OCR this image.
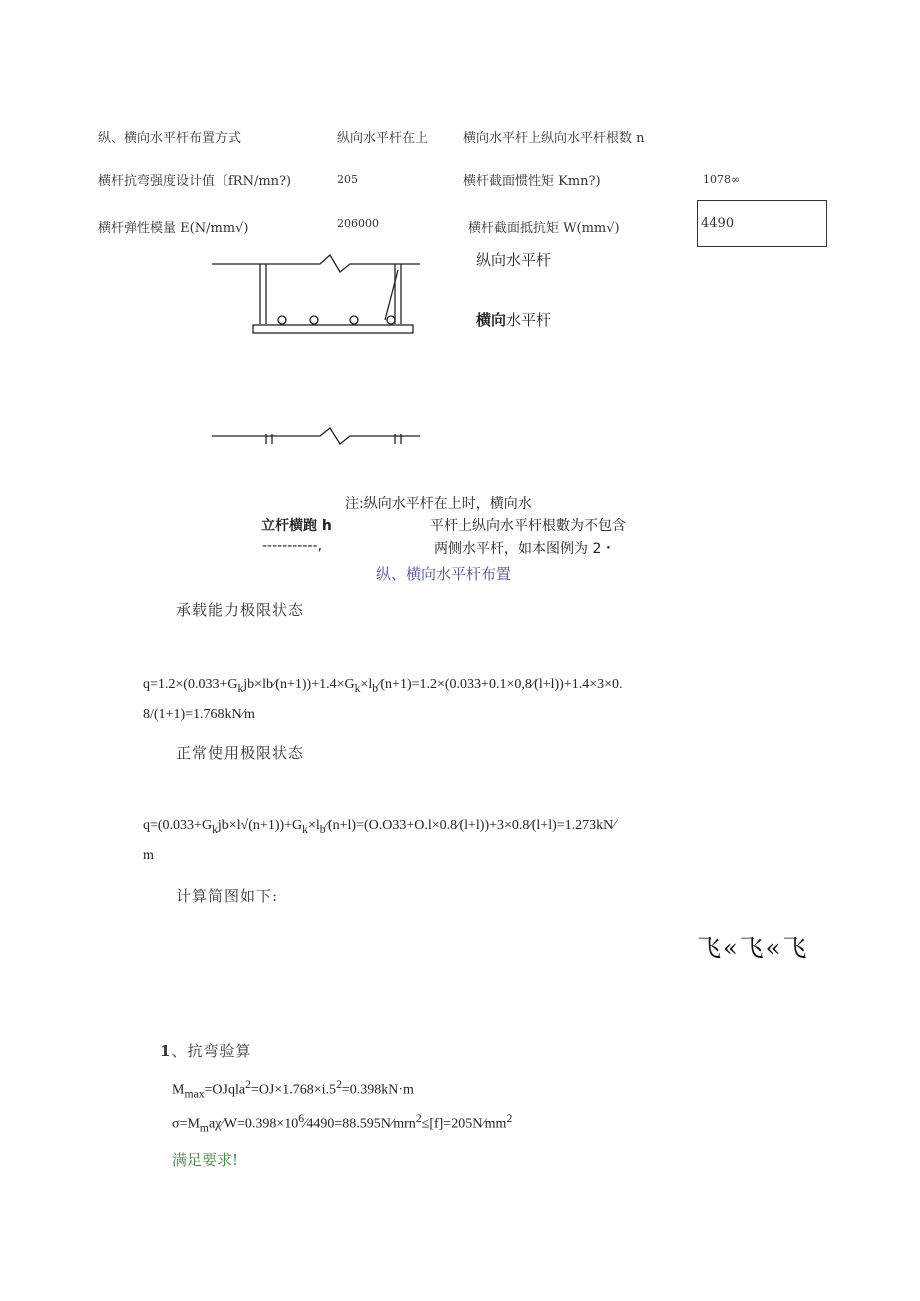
纵、横向水平杆布置方式	纵向水平杆在上	横向水平杆上纵向水平杆根数 n
横杆抗弯强度设计值〔fRN/mn?)	205	横杆截面惯性矩 Kmn?)	1078∞
横杆弹性模量 E(N∕mm√)	206000	横杆截面抵抗矩 W(mm√)	4490
纵向水平杆
横向水平杆
注:纵向水平杆在上时，横向水
立杆横跑 h	平杆上纵向水平杆根數为不包含
-----------,	两侧水平杆，如本图例为 2・
纵、横向水平杆布置
承载能力极限状态
$q=1.2\times(0.033+G_kjb\times lb∕(n+1))+1.4\times G_k\times l_b∕(n+1)=1.2\times(0.033+0.1\times 0,8∕(l+l))+1.4\times 3\times 0$.
8/(1+1)=1.768kN∕m
正常使用极限状态
$q=(0.033+G_kjb\times l√(n+1))+G_k\times l_b∕(n+l)=(O.O33+O.l\times 0.8∕(l+l))+3\times 0.8∕(l+l)=1.273kN∕$
m
计算简图如下:
飞«飞«飞
1、抗弯验算
$M_{max}=OJqla^2=OJ\times 1.768\times i.5^2=0.398kN\cdot m$
$\sigma=M_ma\chi∕W=0.398\times 10^6∕4490=88.595N∕mrn^2\le[f]=205N∕mm^2$
满足要求!
